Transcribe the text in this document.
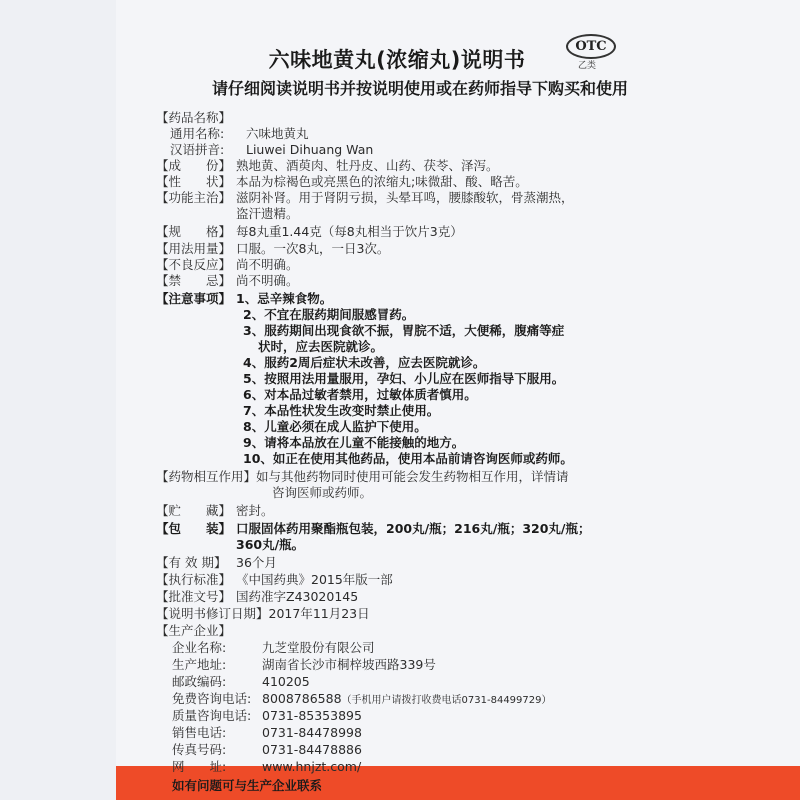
OTC
乙类
六味地黄丸(浓缩丸)说明书
请仔细阅读说明书并按说明使用或在药师指导下购买和使用
【药品名称】
通用名称: 六味地黄丸
汉语拼音: Liuwei Dihuang Wan
【成　　份】 熟地黄、酒萸肉、牡丹皮、山药、茯苓、泽泻。
【性　　状】 本品为棕褐色或亮黑色的浓缩丸;味微甜、酸、略苦。
【功能主治】 滋阴补肾。用于肾阴亏损，头晕耳鸣，腰膝酸软，骨蒸潮热，
盗汗遗精。
【规　　格】 每8丸重1.44克（每8丸相当于饮片3克）
【用法用量】 口服。一次8丸，一日3次。
【不良反应】 尚不明确。
【禁　　忌】 尚不明确。
【注意事项】 1、忌辛辣食物。
2、不宜在服药期间服感冒药。
3、服药期间出现食欲不振，胃脘不适，大便稀，腹痛等症
状时，应去医院就诊。
4、服药2周后症状未改善，应去医院就诊。
5、按照用法用量服用，孕妇、小儿应在医师指导下服用。
6、对本品过敏者禁用，过敏体质者慎用。
7、本品性状发生改变时禁止使用。
8、儿童必须在成人监护下使用。
9、请将本品放在儿童不能接触的地方。
10、如正在使用其他药品，使用本品前请咨询医师或药师。
【药物相互作用】如与其他药物同时使用可能会发生药物相互作用，详情请
咨询医师或药师。
【贮　　藏】 密封。
【包　　装】 口服固体药用聚酯瓶包装，200丸/瓶；216丸/瓶；320丸/瓶；
360丸/瓶。
【有 效 期】 36个月
【执行标准】 《中国药典》2015年版一部
【批准文号】 国药准字Z43020145
【说明书修订日期】2017年11月23日
【生产企业】
企业名称:	九芝堂股份有限公司
生产地址:	湖南省长沙市桐梓坡西路339号
邮政编码:	410205
免费咨询电话: 8008786588（手机用户请拨打收费电话0731-84499729）
质量咨询电话: 0731-85353895
销售电话:	0731-84478998
传真号码:	0731-84478886
网　　址:	www.hnjzt.com/
如有问题可与生产企业联系
